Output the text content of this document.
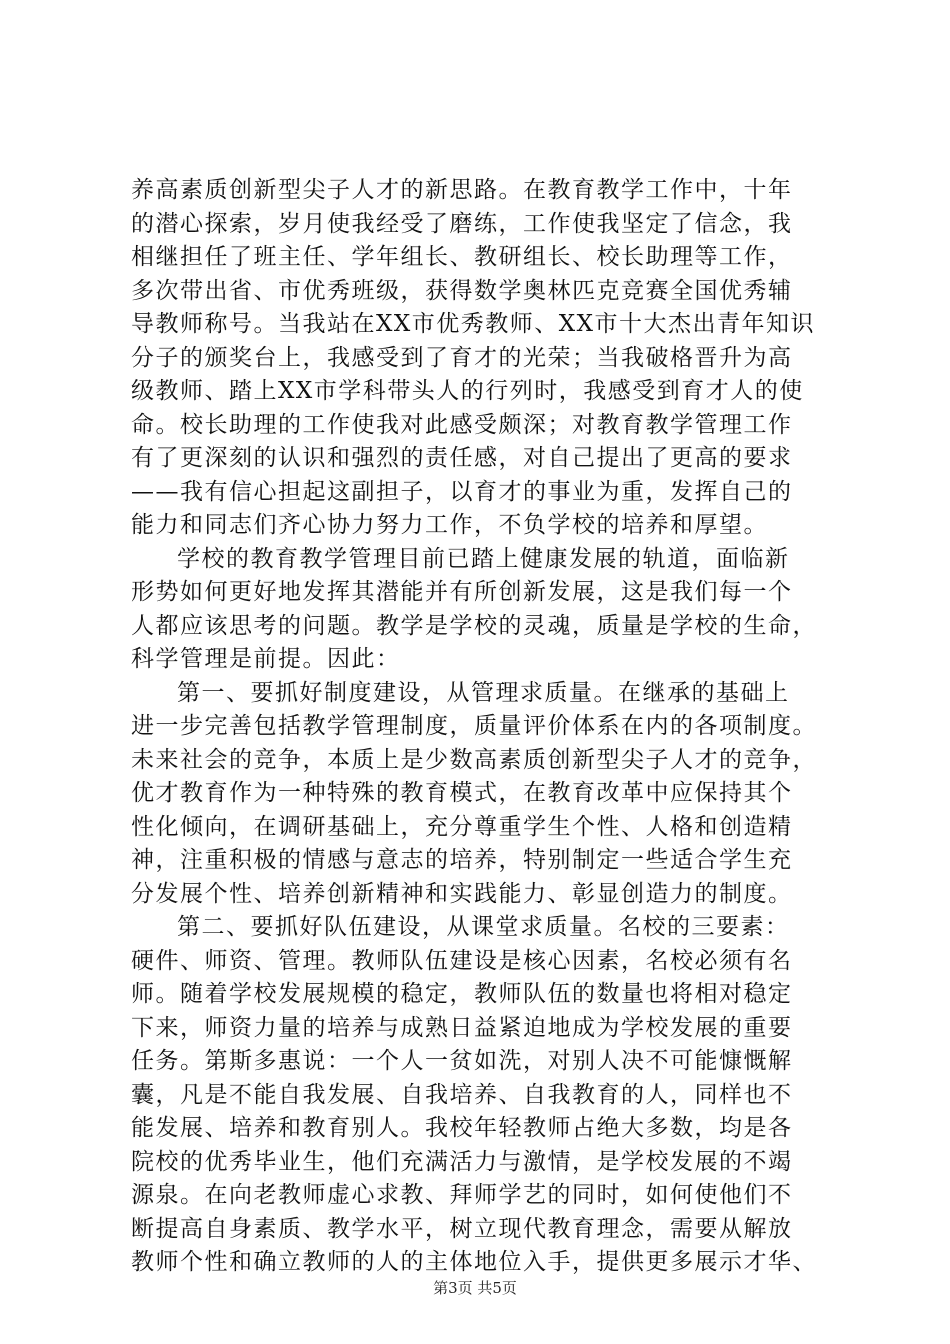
养高素质创新型尖子人才的新思路。在教育教学工作中，十年
的潜心探索，岁月使我经受了磨练，工作使我坚定了信念，我
相继担任了班主任、学年组长、教研组长、校长助理等工作，
多次带出省、市优秀班级，获得数学奥林匹克竞赛全国优秀辅
导教师称号。当我站在XX市优秀教师、XX市十大杰出青年知识
分子的颁奖台上，我感受到了育才的光荣；当我破格晋升为高
级教师、踏上XX市学科带头人的行列时，我感受到育才人的使
命。校长助理的工作使我对此感受颇深；对教育教学管理工作
有了更深刻的认识和强烈的责任感，对自己提出了更高的要求
——我有信心担起这副担子，以育才的事业为重，发挥自己的
能力和同志们齐心协力努力工作，不负学校的培养和厚望。
学校的教育教学管理目前已踏上健康发展的轨道，面临新
形势如何更好地发挥其潜能并有所创新发展，这是我们每一个
人都应该思考的问题。教学是学校的灵魂，质量是学校的生命，
科学管理是前提。因此：
第一、要抓好制度建设，从管理求质量。在继承的基础上
进一步完善包括教学管理制度，质量评价体系在内的各项制度。
未来社会的竞争，本质上是少数高素质创新型尖子人才的竞争，
优才教育作为一种特殊的教育模式，在教育改革中应保持其个
性化倾向，在调研基础上，充分尊重学生个性、人格和创造精
神，注重积极的情感与意志的培养，特别制定一些适合学生充
分发展个性、培养创新精神和实践能力、彰显创造力的制度。
第二、要抓好队伍建设，从课堂求质量。名校的三要素：
硬件、师资、管理。教师队伍建设是核心因素，名校必须有名
师。随着学校发展规模的稳定，教师队伍的数量也将相对稳定
下来，师资力量的培养与成熟日益紧迫地成为学校发展的重要
任务。第斯多惠说：一个人一贫如洗，对别人决不可能慷慨解
囊，凡是不能自我发展、自我培养、自我教育的人，同样也不
能发展、培养和教育别人。我校年轻教师占绝大多数，均是各
院校的优秀毕业生，他们充满活力与激情，是学校发展的不竭
源泉。在向老教师虚心求教、拜师学艺的同时，如何使他们不
断提高自身素质、教学水平，树立现代教育理念，需要从解放
教师个性和确立教师的人的主体地位入手，提供更多展示才华、
第3页 共5页
